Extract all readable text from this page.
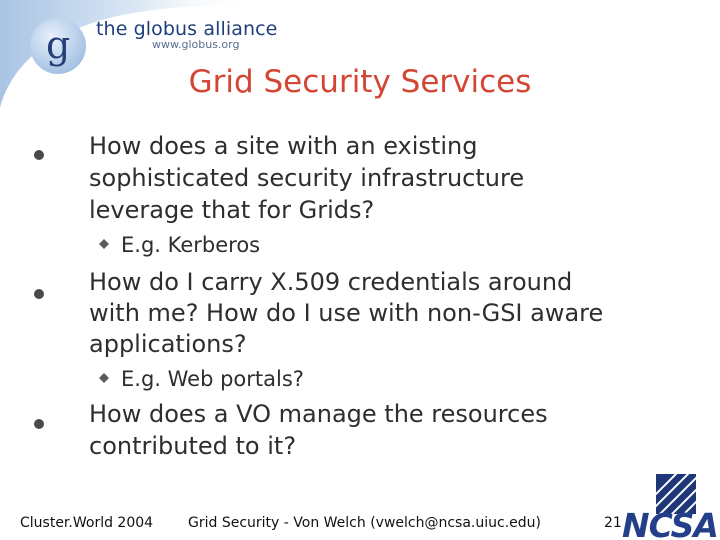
g the globus alliance
www.globus.org
Grid Security Services
How does a site with an existing
sophisticated security infrastructure
leverage that for Grids?
E.g. Kerberos
How do I carry X.509 credentials around
with me? How do I use with non-GSI aware
applications?
E.g. Web portals?
How does a VO manage the resources
contributed to it?
Cluster.World 2004 Grid Security - Von Welch (vwelch@ncsa.uiuc.edu)	21 NCSA
